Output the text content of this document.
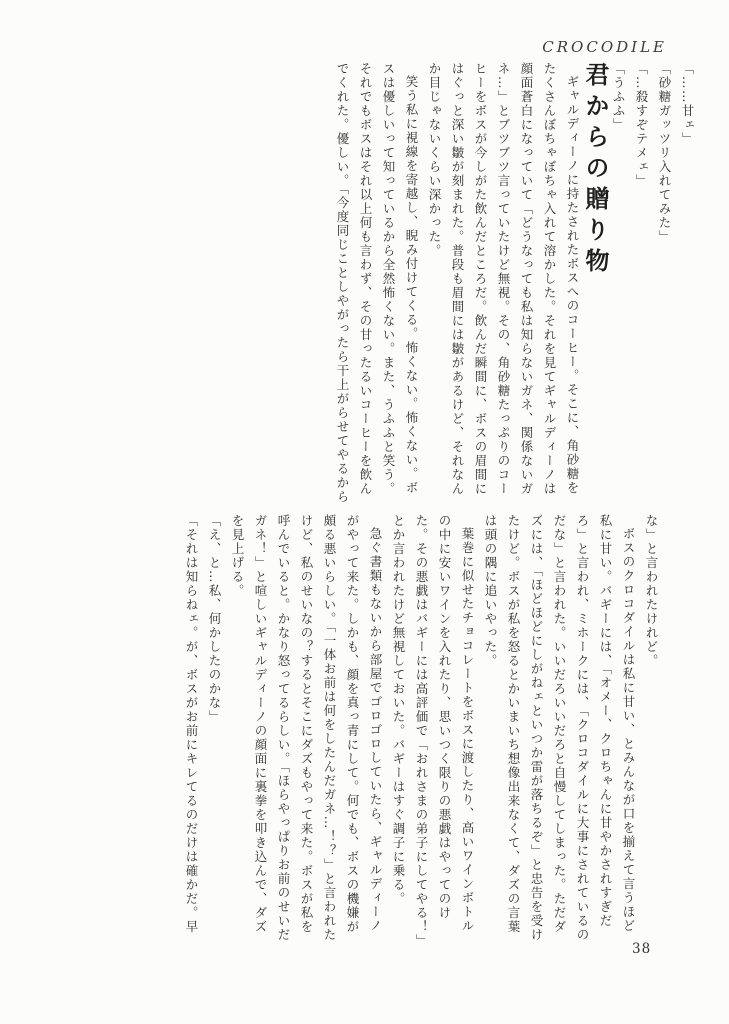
CROCODILE

「……甘ェ」

「砂糖ガッツリ入れてみた」

「…殺すぞテメェ」

「うふふ」

君からの贈り物

ギャルディーノに持たされたボスへのコーヒー。そこに、角砂糖をたくさんぼちゃぼちゃ入れて溶かした。それを見てギャルディーノは顔面蒼白になっていて「どうなっても私は知らないガネ、関係ないガネ…」とブツブツ言っていたけど無視。その、角砂糖たっぷりのコーヒーをボスが今しがた飲んだところだ。飲んだ瞬間に、ボスの眉間にはぐっと深い皺が刻まれた。普段も眉間には皺があるけど、それなんか目じゃないくらい深かった。

笑う私に視線を寄越し、睨み付けてくる。怖くない。怖くない。ボスは優しいって知っているから全然怖くない。また、うふふと笑う。それでもボスはそれ以上何も言わず、その甘ったるいコーヒーを飲んでくれた。優しい。「今度同じことしやがったら干上がらせてやるから

な」と言われたけれど。

ボスのクロコダイルは私に甘い、とみんなが口を揃えて言うほど私に甘い。バギーには、「オメー、クロちゃんに甘やかされすぎだろ」と言われ、ミホークには、「クロコダイルに大事にされているのだな」と言われた。いいだろいいだろと自慢してしまった。ただダズには、「ほどほどにしがねェといつか雷が落ちるぞ」と忠告を受けたけど。ボスが私を怒るとかいまいち想像出来なくて、ダズの言葉は頭の隅に追いやった。

葉巻に似せたチョコレートをボスに渡したり、高いワインボトルの中に安いワインを入れたり、思いつく限りの悪戯はやってのけた。その悪戯はバギーには高評価で「おれさまの弟子にしてやる！」とか言われたけど無視しておいた。バギーはすぐ調子に乗る。

急ぐ書類もないから部屋でゴロゴロしていたら、ギャルディーノがやって来た。しかも、顔を真っ青にして。何でも、ボスの機嫌が頗る悪いらしい。「一体お前は何をしたんだガネ…！？」と言われたけど、私のせいなの？するとそこにダズもやって来た。ボスが私を呼んでいると。かなり怒ってるらしい。「ほらやっぱりお前のせいだガネ！」と喧しいギャルディーノの顔面に裏拳を叩き込んで、ダズを見上げる。

「え、と…私、何かしたのかな」

「それは知らねェ。が、ボスがお前にキレてるのだけは確かだ。早

38
